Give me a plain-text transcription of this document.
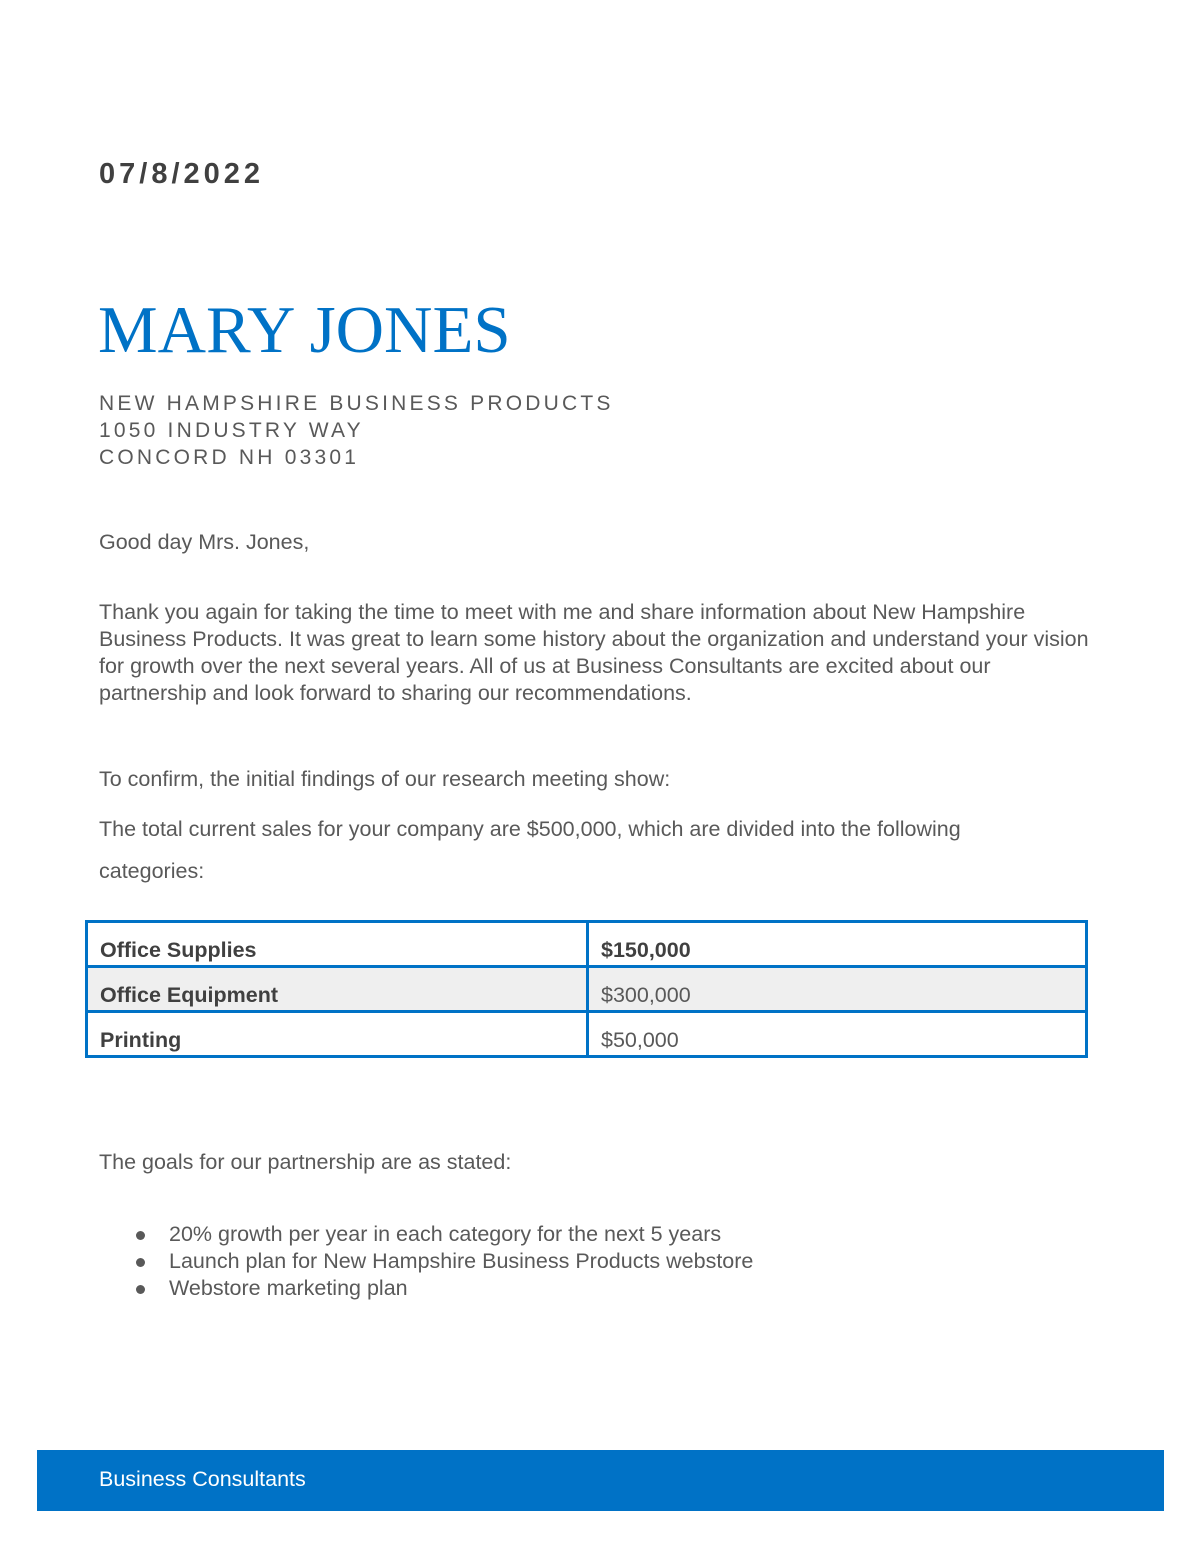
07/8/2022
MARY JONES
NEW HAMPSHIRE BUSINESS PRODUCTS
1050 INDUSTRY WAY
CONCORD NH 03301
Good day Mrs. Jones,
Thank you again for taking the time to meet with me and share information about New Hampshire Business Products. It was great to learn some history about the organization and understand your vision for growth over the next several years. All of us at Business Consultants are excited about our partnership and look forward to sharing our recommendations.
To confirm, the initial findings of our research meeting show:
The total current sales for your company are $500,000, which are divided into the following categories:
Office Supplies	$150,000
Office Equipment	$300,000
Printing	$50,000
The goals for our partnership are as stated:
20% growth per year in each category for the next 5 years
Launch plan for New Hampshire Business Products webstore
Webstore marketing plan
Business Consultants
